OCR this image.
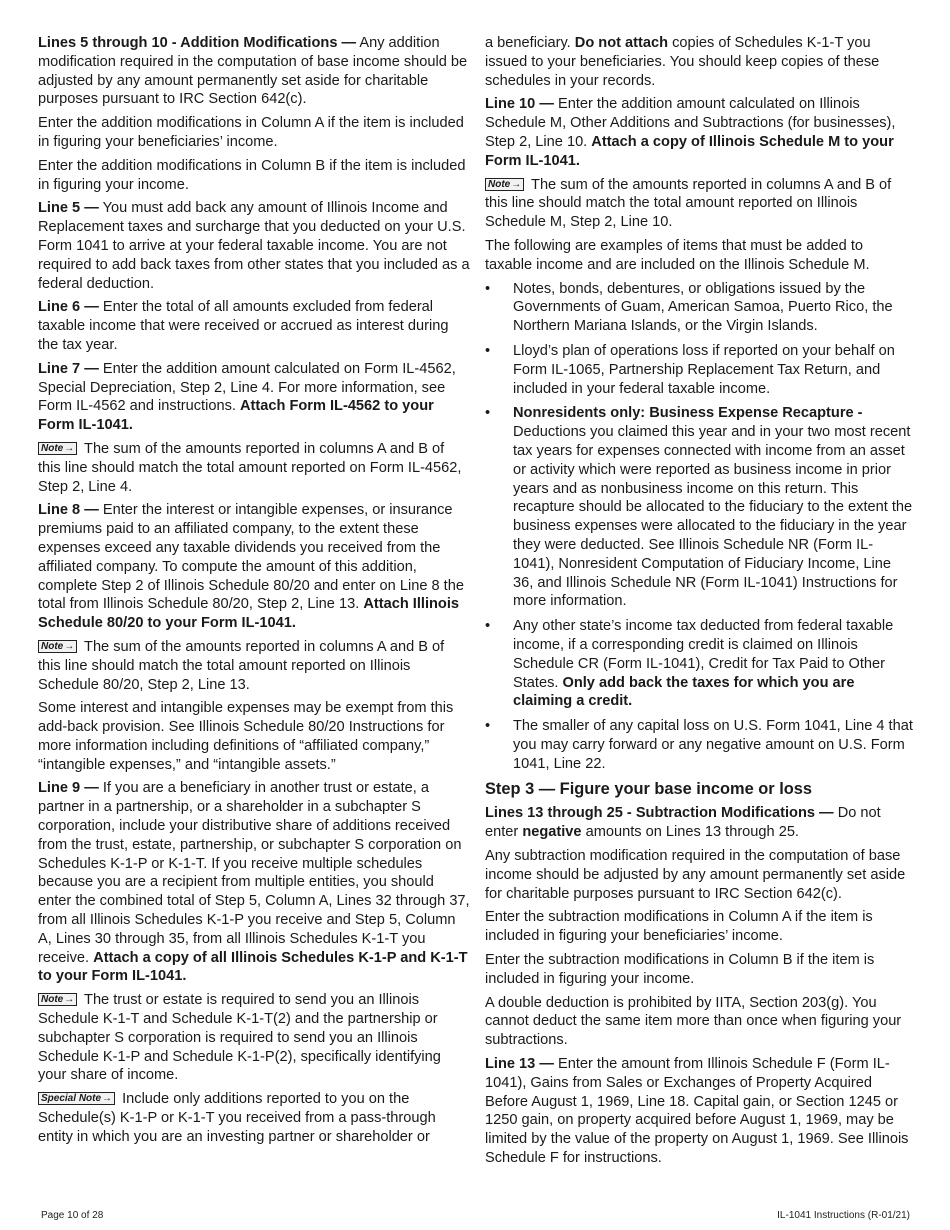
Lines 5 through 10 - Addition Modifications — Any addition modification required in the computation of base income should be adjusted by any amount permanently set aside for charitable purposes pursuant to IRC Section 642(c).

Enter the addition modifications in Column A if the item is included in figuring your beneficiaries’ income.

Enter the addition modifications in Column B if the item is included in figuring your income.

Line 5 — You must add back any amount of Illinois Income and Replacement taxes and surcharge that you deducted on your U.S. Form 1041 to arrive at your federal taxable income. You are not required to add back taxes from other states that you included as a federal deduction.

Line 6 — Enter the total of all amounts excluded from federal taxable income that were received or accrued as interest during the tax year.

Line 7 — Enter the addition amount calculated on Form IL-4562, Special Depreciation, Step 2, Line 4. For more information, see Form IL-4562 and instructions. Attach Form IL-4562 to your Form IL-1041.

Note→ The sum of the amounts reported in columns A and B of this line should match the total amount reported on Form IL-4562, Step 2, Line 4.

Line 8 — Enter the interest or intangible expenses, or insurance premiums paid to an affiliated company, to the extent these expenses exceed any taxable dividends you received from the affiliated company. To compute the amount of this addition, complete Step 2 of Illinois Schedule 80/20 and enter on Line 8 the total from Illinois Schedule 80/20, Step 2, Line 13. Attach Illinois Schedule 80/20 to your Form IL-1041.

Note→ The sum of the amounts reported in columns A and B of this line should match the total amount reported on Illinois Schedule 80/20, Step 2, Line 13.

Some interest and intangible expenses may be exempt from this add-back provision. See Illinois Schedule 80/20 Instructions for more information including definitions of “affiliated company,” “intangible expenses,” and “intangible assets.”

Line 9 — If you are a beneficiary in another trust or estate, a partner in a partnership, or a shareholder in a subchapter S corporation, include your distributive share of additions received from the trust, estate, partnership, or subchapter S corporation on Schedules K-1-P or K-1-T. If you receive multiple schedules because you are a recipient from multiple entities, you should enter the combined total of Step 5, Column A, Lines 32 through 37, from all Illinois Schedules K-1-P you receive and Step 5, Column A, Lines 30 through 35, from all Illinois Schedules K-1-T you receive. Attach a copy of all Illinois Schedules K-1-P and K-1-T to your Form IL-1041.

Note→ The trust or estate is required to send you an Illinois Schedule K-1-T and Schedule K-1-T(2) and the partnership or subchapter S corporation is required to send you an Illinois Schedule K-1-P and Schedule K-1-P(2), specifically identifying your share of income.

Special Note→ Include only additions reported to you on the Schedule(s) K-1-P or K-1-T you received from a pass-through entity in which you are an investing partner or shareholder or

a beneficiary. Do not attach copies of Schedules K-1-T you issued to your beneficiaries. You should keep copies of these schedules in your records.

Line 10 — Enter the addition amount calculated on Illinois Schedule M, Other Additions and Subtractions (for businesses), Step 2, Line 10. Attach a copy of Illinois Schedule M to your Form IL-1041.

Note→ The sum of the amounts reported in columns A and B of this line should match the total amount reported on Illinois Schedule M, Step 2, Line 10.

The following are examples of items that must be added to taxable income and are included on the Illinois Schedule M.

• Notes, bonds, debentures, or obligations issued by the Governments of Guam, American Samoa, Puerto Rico, the Northern Mariana Islands, or the Virgin Islands.
• Lloyd’s plan of operations loss if reported on your behalf on Form IL-1065, Partnership Replacement Tax Return, and included in your federal taxable income.
• Nonresidents only: Business Expense Recapture - Deductions you claimed this year and in your two most recent tax years for expenses connected with income from an asset or activity which were reported as business income in prior years and as nonbusiness income on this return. This recapture should be allocated to the fiduciary to the extent the business expenses were allocated to the fiduciary in the year they were deducted. See Illinois Schedule NR (Form IL-1041), Nonresident Computation of Fiduciary Income, Line 36, and Illinois Schedule NR (Form IL-1041) Instructions for more information.
• Any other state’s income tax deducted from federal taxable income, if a corresponding credit is claimed on Illinois Schedule CR (Form IL-1041), Credit for Tax Paid to Other States. Only add back the taxes for which you are claiming a credit.
• The smaller of any capital loss on U.S. Form 1041, Line 4 that you may carry forward or any negative amount on U.S. Form 1041, Line 22.
Step 3 — Figure your base income or loss

Lines 13 through 25 - Subtraction Modifications — Do not enter negative amounts on Lines 13 through 25.

Any subtraction modification required in the computation of base income should be adjusted by any amount permanently set aside for charitable purposes pursuant to IRC Section 642(c).

Enter the subtraction modifications in Column A if the item is included in figuring your beneficiaries’ income.

Enter the subtraction modifications in Column B if the item is included in figuring your income.

A double deduction is prohibited by IITA, Section 203(g). You cannot deduct the same item more than once when figuring your subtractions.

Line 13 — Enter the amount from Illinois Schedule F (Form IL-1041), Gains from Sales or Exchanges of Property Acquired Before August 1, 1969, Line 18. Capital gain, or Section 1245 or 1250 gain, on property acquired before August 1, 1969, may be limited by the value of the property on August 1, 1969. See Illinois Schedule F for instructions.

Page 10 of 28	IL-1041 Instructions (R-01/21)
